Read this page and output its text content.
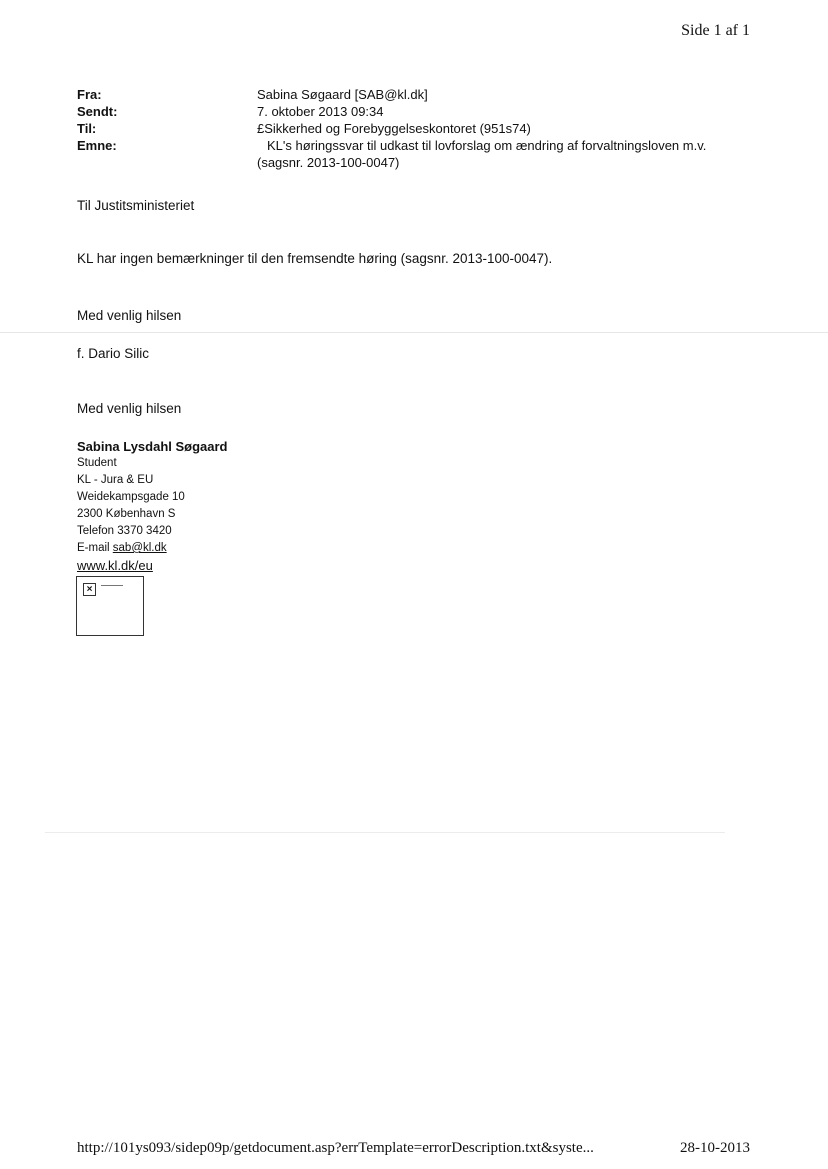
Side 1 af 1
Fra:	Sabina Søgaard [SAB@kl.dk]
Sendt:	7. oktober 2013 09:34
Til:	£Sikkerhed og Forebyggelseskontoret (951s74)
Emne:	KL's høringssvar til udkast til lovforslag om ændring af forvaltningsloven m.v.
(sagsnr. 2013-100-0047)
Til Justitsministeriet
KL har ingen bemærkninger til den fremsendte høring (sagsnr. 2013-100-0047).
Med venlig hilsen
f. Dario Silic
Med venlig hilsen
Sabina Lysdahl Søgaard
Student
KL - Jura & EU
Weidekampsgade 10
2300 København S
Telefon 3370 3420
E-mail sab@kl.dk
www.kl.dk/eu
×
http://101ys093/sidep09p/getdocument.asp?errTemplate=errorDescription.txt&syste...	28-10-2013
